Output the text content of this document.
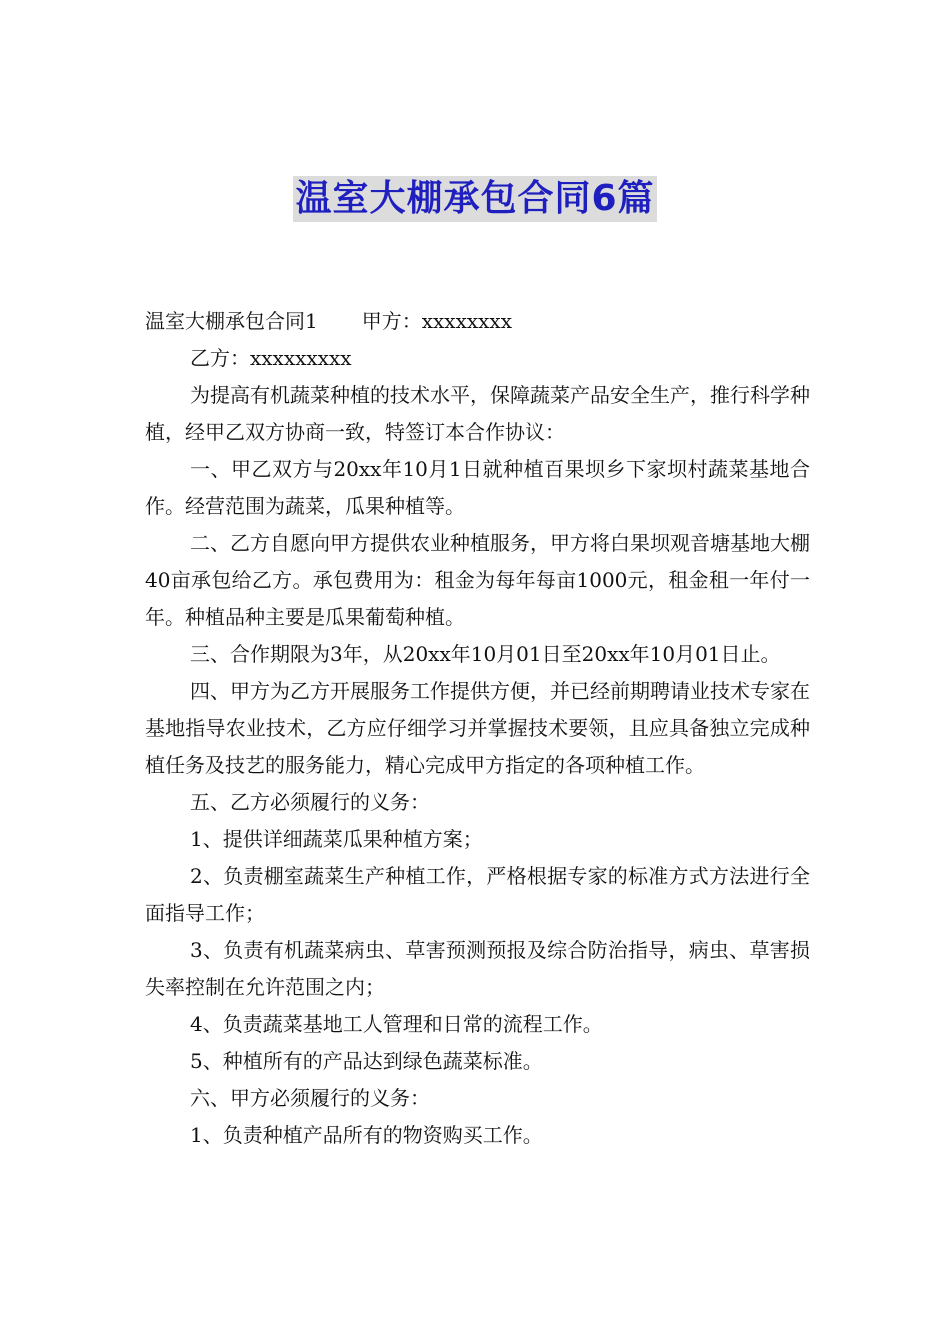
温室大棚承包合同6篇

温室大棚承包合同1 甲方：xxxxxxxx

乙方：xxxxxxxxx

为提高有机蔬菜种植的技术水平，保障蔬菜产品安全生产，推行科学种植，经甲乙双方协商一致，特签订本合作协议：

一、甲乙双方与20xx年10月1日就种植百果坝乡下家坝村蔬菜基地合作。经营范围为蔬菜，瓜果种植等。

二、乙方自愿向甲方提供农业种植服务，甲方将白果坝观音塘基地大棚40亩承包给乙方。承包费用为：租金为每年每亩1000元，租金租一年付一年。种植品种主要是瓜果葡萄种植。

三、合作期限为3年，从20xx年10月01日至20xx年10月01日止。

四、甲方为乙方开展服务工作提供方便，并已经前期聘请业技术专家在基地指导农业技术，乙方应仔细学习并掌握技术要领，且应具备独立完成种植任务及技艺的服务能力，精心完成甲方指定的各项种植工作。

五、乙方必须履行的义务：

1、提供详细蔬菜瓜果种植方案；

2、负责棚室蔬菜生产种植工作，严格根据专家的标准方式方法进行全面指导工作；

3、负责有机蔬菜病虫、草害预测预报及综合防治指导，病虫、草害损失率控制在允许范围之内；

4、负责蔬菜基地工人管理和日常的流程工作。

5、种植所有的产品达到绿色蔬菜标准。

六、甲方必须履行的义务：

1、负责种植产品所有的物资购买工作。
